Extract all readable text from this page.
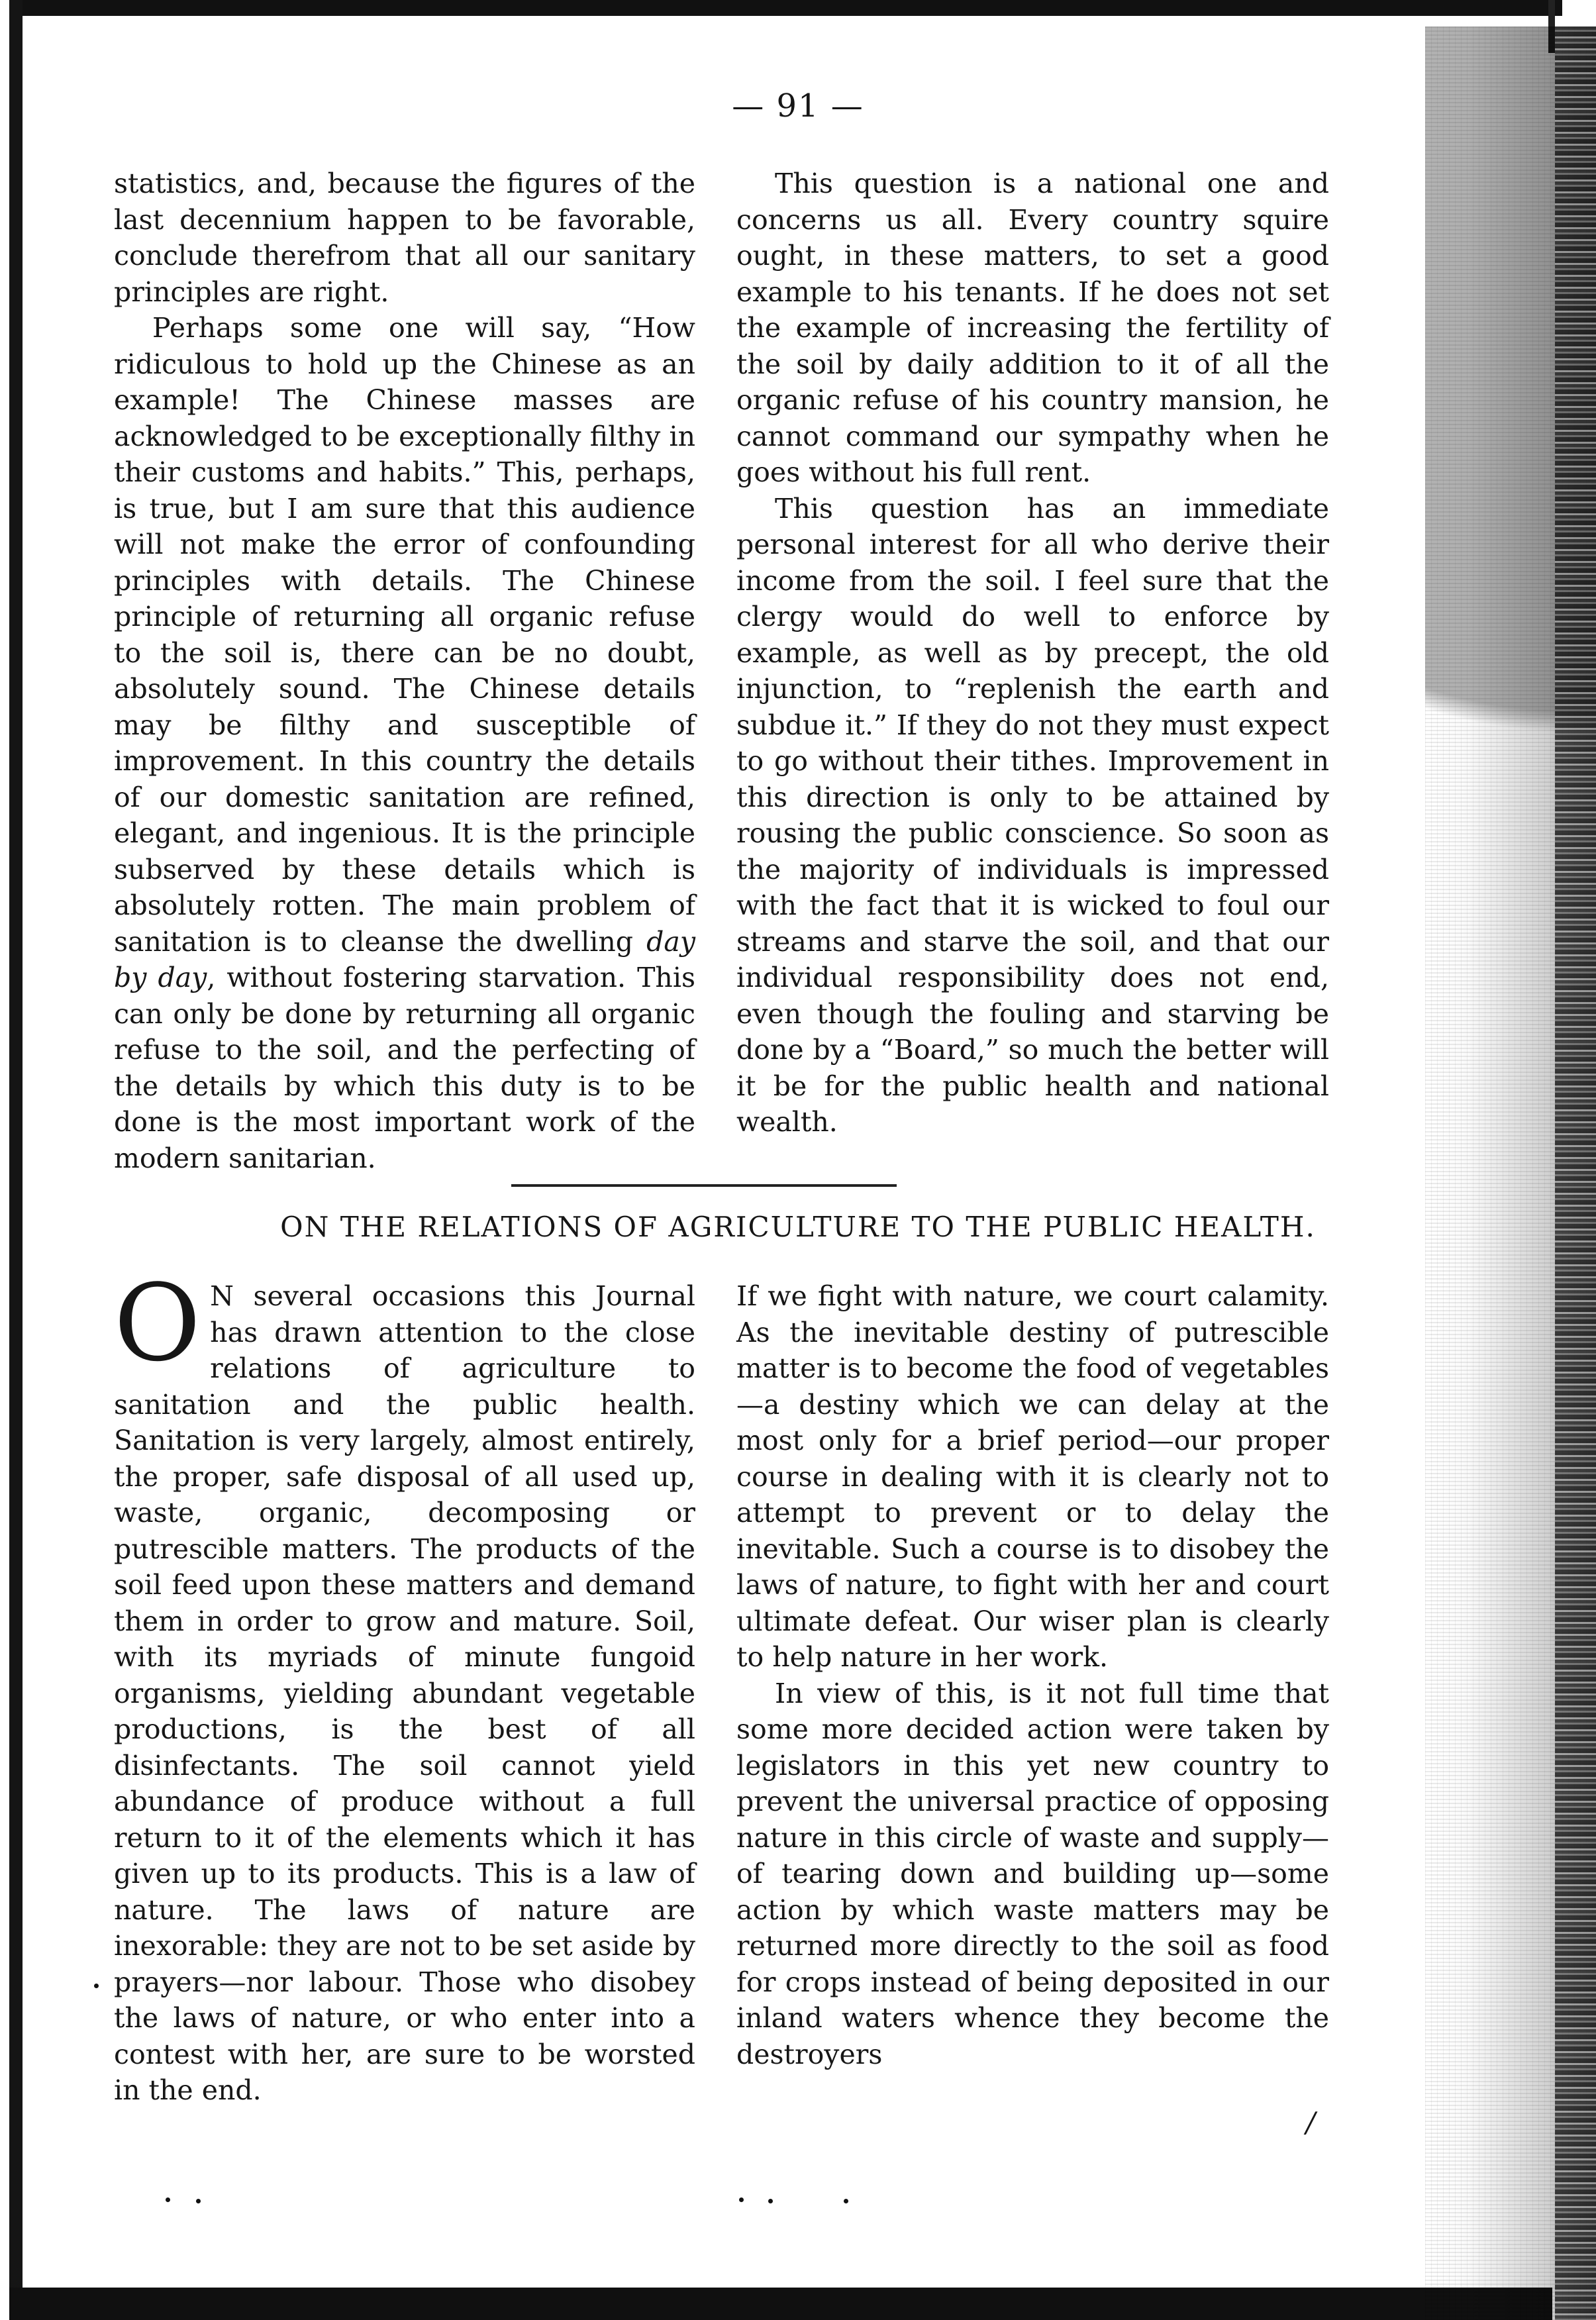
— 91 —

statistics, and, because the figures of the last decennium happen to be favorable, conclude therefrom that all our sanitary principles are right.

Perhaps some one will say, “How ridiculous to hold up the Chinese as an example! The Chinese masses are acknowledged to be exceptionally filthy in their customs and habits.” This, perhaps, is true, but I am sure that this audience will not make the error of confounding principles with details. The Chinese principle of returning all organic refuse to the soil is, there can be no doubt, absolutely sound. The Chinese details may be filthy and susceptible of improvement. In this country the details of our domestic sanitation are refined, elegant, and ingenious. It is the principle subserved by these details which is absolutely rotten. The main problem of sanitation is to cleanse the dwelling day by day, without fostering starvation. This can only be done by returning all organic refuse to the soil, and the perfecting of the details by which this duty is to be done is the most important work of the modern sanitarian.

This question is a national one and concerns us all. Every country squire ought, in these matters, to set a good example to his tenants. If he does not set the example of increasing the fertility of the soil by daily addition to it of all the organic refuse of his country mansion, he cannot command our sympathy when he goes without his full rent.

This question has an immediate personal interest for all who derive their income from the soil. I feel sure that the clergy would do well to enforce by example, as well as by precept, the old injunction, to “replenish the earth and subdue it.” If they do not they must expect to go without their tithes. Improvement in this direction is only to be attained by rousing the public conscience. So soon as the majority of individuals is impressed with the fact that it is wicked to foul our streams and starve the soil, and that our individual responsibility does not end, even though the fouling and starving be done by a “Board,” so much the better will it be for the public health and national wealth.

ON THE RELATIONS OF AGRICULTURE TO THE PUBLIC HEALTH.

O N several occasions this Journal has drawn attention to the close relations of agriculture to sanitation and the public health. Sanitation is very largely, almost entirely, the proper, safe disposal of all used up, waste, organic, decomposing or putrescible matters. The products of the soil feed upon these matters and demand them in order to grow and mature. Soil, with its myriads of minute fungoid organisms, yielding abundant vegetable productions, is the best of all disinfectants. The soil cannot yield abundance of produce without a full return to it of the elements which it has given up to its products. This is a law of nature. The laws of nature are inexorable: they are not to be set aside by prayers—nor labour. Those who disobey the laws of nature, or who enter into a contest with her, are sure to be worsted in the end.

If we fight with nature, we court calamity. As the inevitable destiny of putrescible matter is to become the food of vegetables—a destiny which we can delay at the most only for a brief period—our proper course in dealing with it is clearly not to attempt to prevent or to delay the inevitable. Such a course is to disobey the laws of nature, to fight with her and court ultimate defeat. Our wiser plan is clearly to help nature in her work.

In view of this, is it not full time that some more decided action were taken by legislators in this yet new country to prevent the universal practice of opposing nature in this circle of waste and supply—of tearing down and building up—some action by which waste matters may be returned more directly to the soil as food for crops instead of being deposited in our inland waters whence they become the destroyers

/
